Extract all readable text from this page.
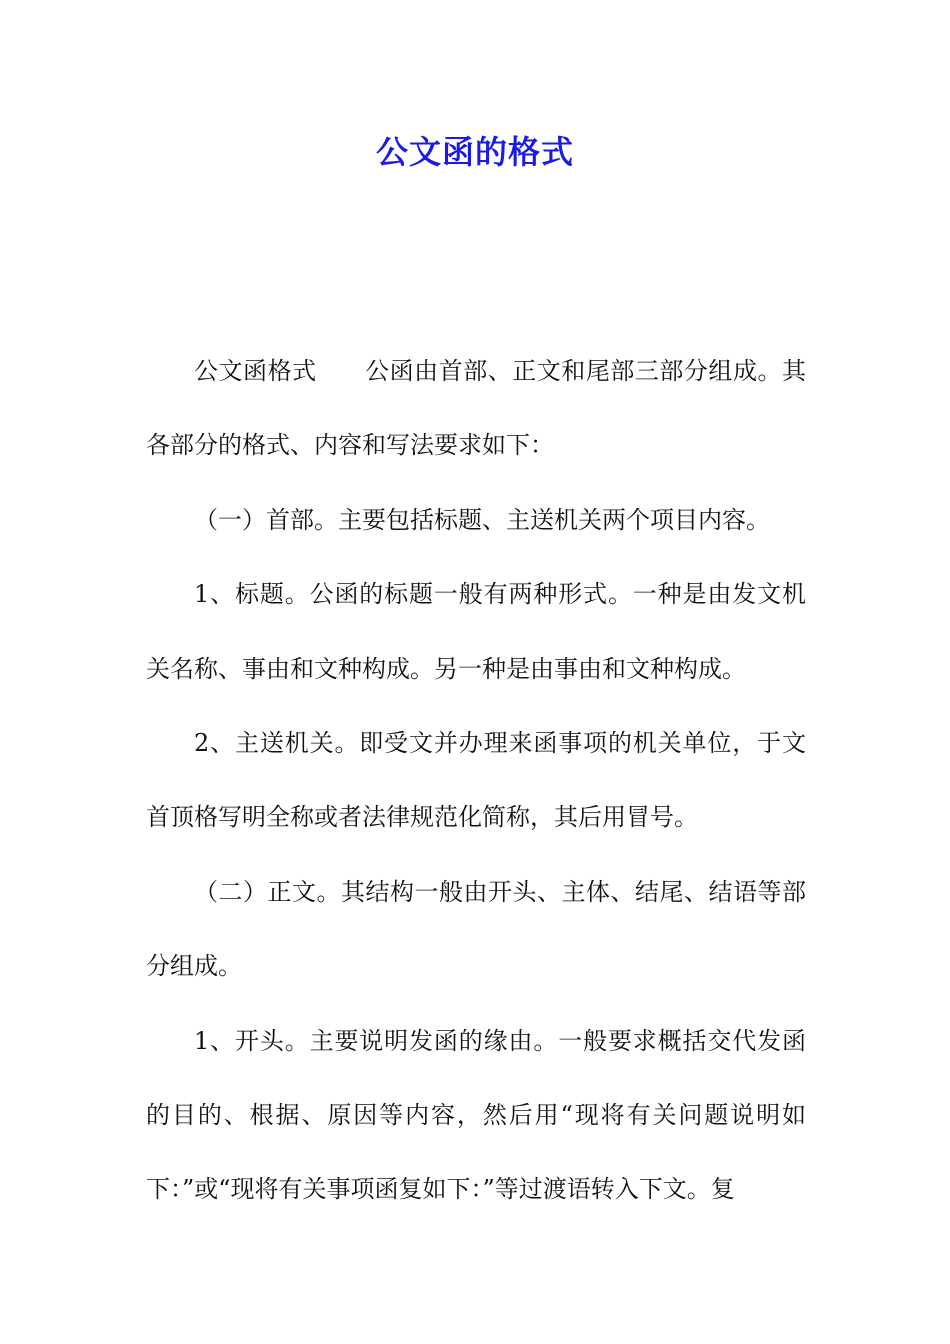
公文函的格式

公文函格式 公函由首部、正文和尾部三部分组成。其各部分的格式、内容和写法要求如下：

（一）首部。主要包括标题、主送机关两个项目内容。

1、标题。公函的标题一般有两种形式。一种是由发文机关名称、事由和文种构成。另一种是由事由和文种构成。

2、主送机关。即受文并办理来函事项的机关单位，于文首顶格写明全称或者法律规范化简称，其后用冒号。

（二）正文。其结构一般由开头、主体、结尾、结语等部分组成。

1、开头。主要说明发函的缘由。一般要求概括交代发函的目的、根据、原因等内容，然后用“现将有关问题说明如下：”或“现将有关事项函复如下：”等过渡语转入下文。复
